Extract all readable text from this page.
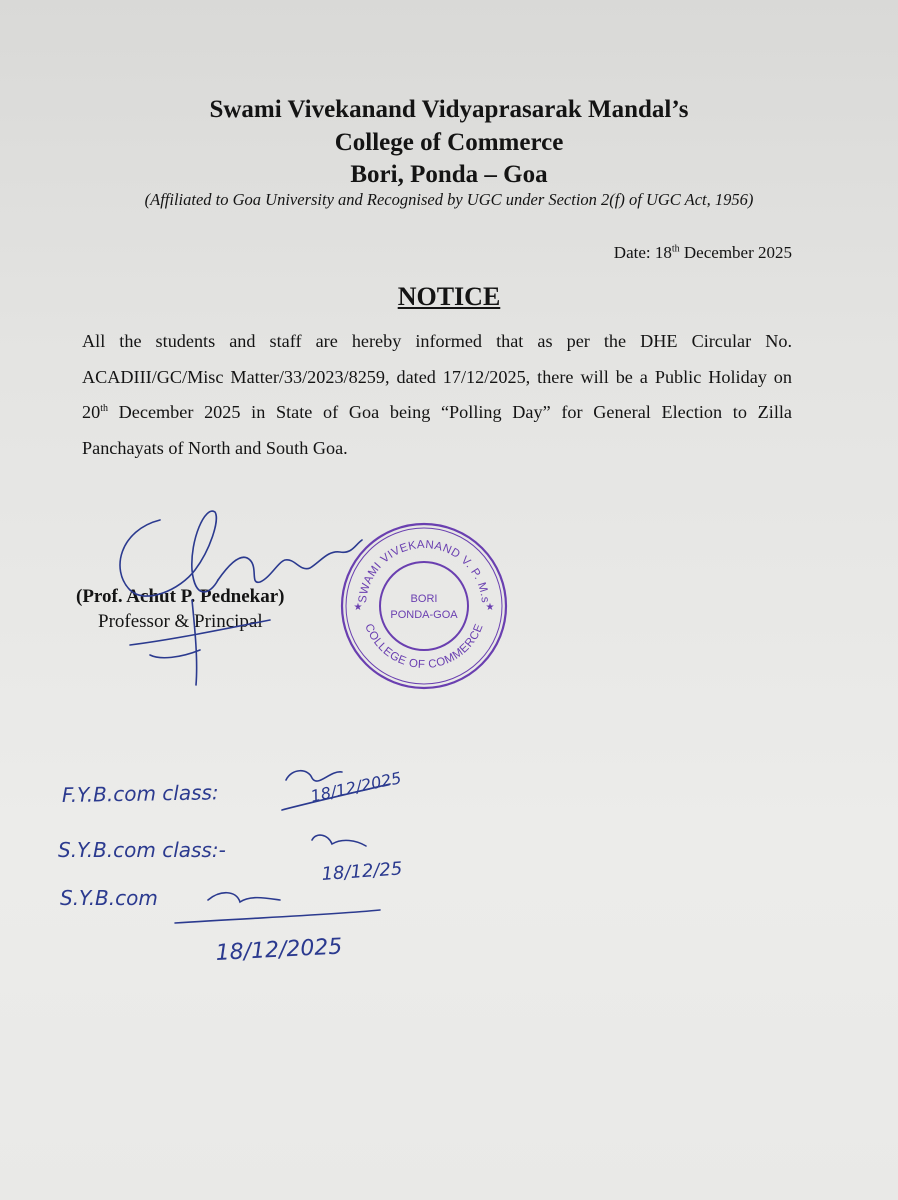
Swami Vivekanand Vidyaprasarak Mandal’s
College of Commerce
Bori, Ponda – Goa
(Affiliated to Goa University and Recognised by UGC under Section 2(f) of UGC Act, 1956)
Date: 18th December 2025
NOTICE
All the students and staff are hereby informed that as per the DHE Circular No. ACADIII/GC/Misc Matter/33/2023/8259, dated 17/12/2025, there will be a Public Holiday on 20th December 2025 in State of Goa being “Polling Day” for General Election to Zilla Panchayats of North and South Goa.
(Prof. Achut P. Pednekar)
Professor & Principal
SWAMI VIVEKANAND V. P. M.s
COLLEGE OF COMMERCE
BORI
PONDA-GOA
★	★
F.Y.B.com class:	18/12/2025
S.Y.B.com class:-
18/12/25
S.Y.B.com
18/12/2025
